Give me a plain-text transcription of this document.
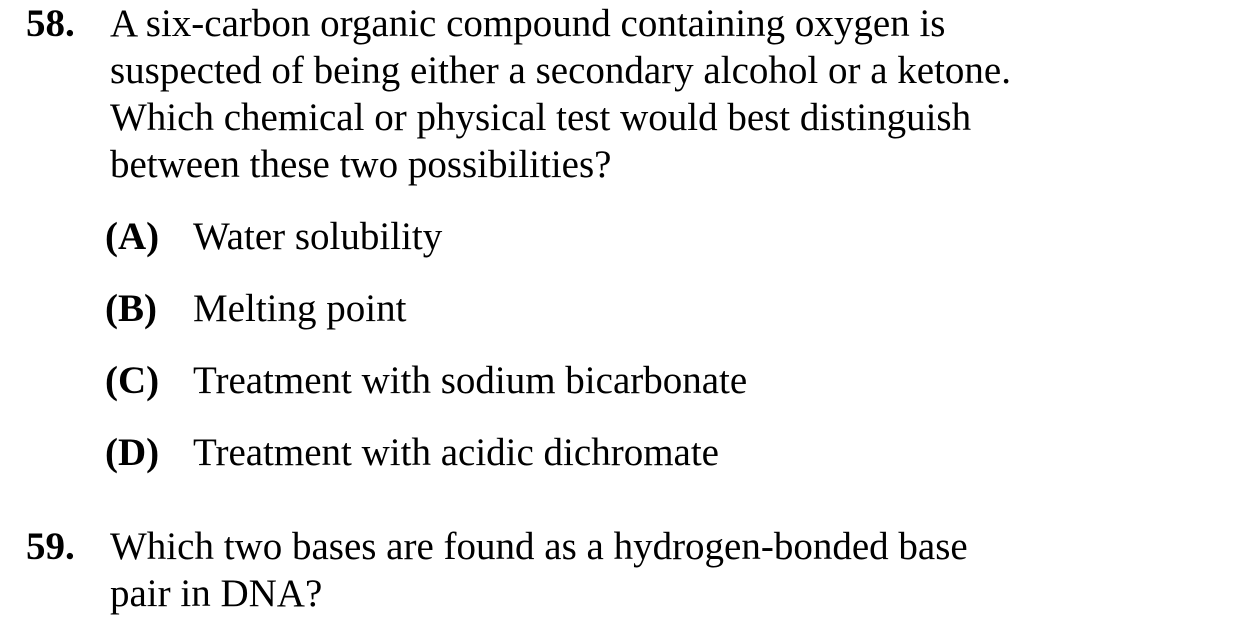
58. A six-carbon organic compound containing oxygen is
suspected of being either a secondary alcohol or a ketone.
Which chemical or physical test would best distinguish
between these two possibilities?
(A) Water solubility
(B) Melting point
(C) Treatment with sodium bicarbonate
(D) Treatment with acidic dichromate
59. Which two bases are found as a hydrogen-bonded base
pair in DNA?
